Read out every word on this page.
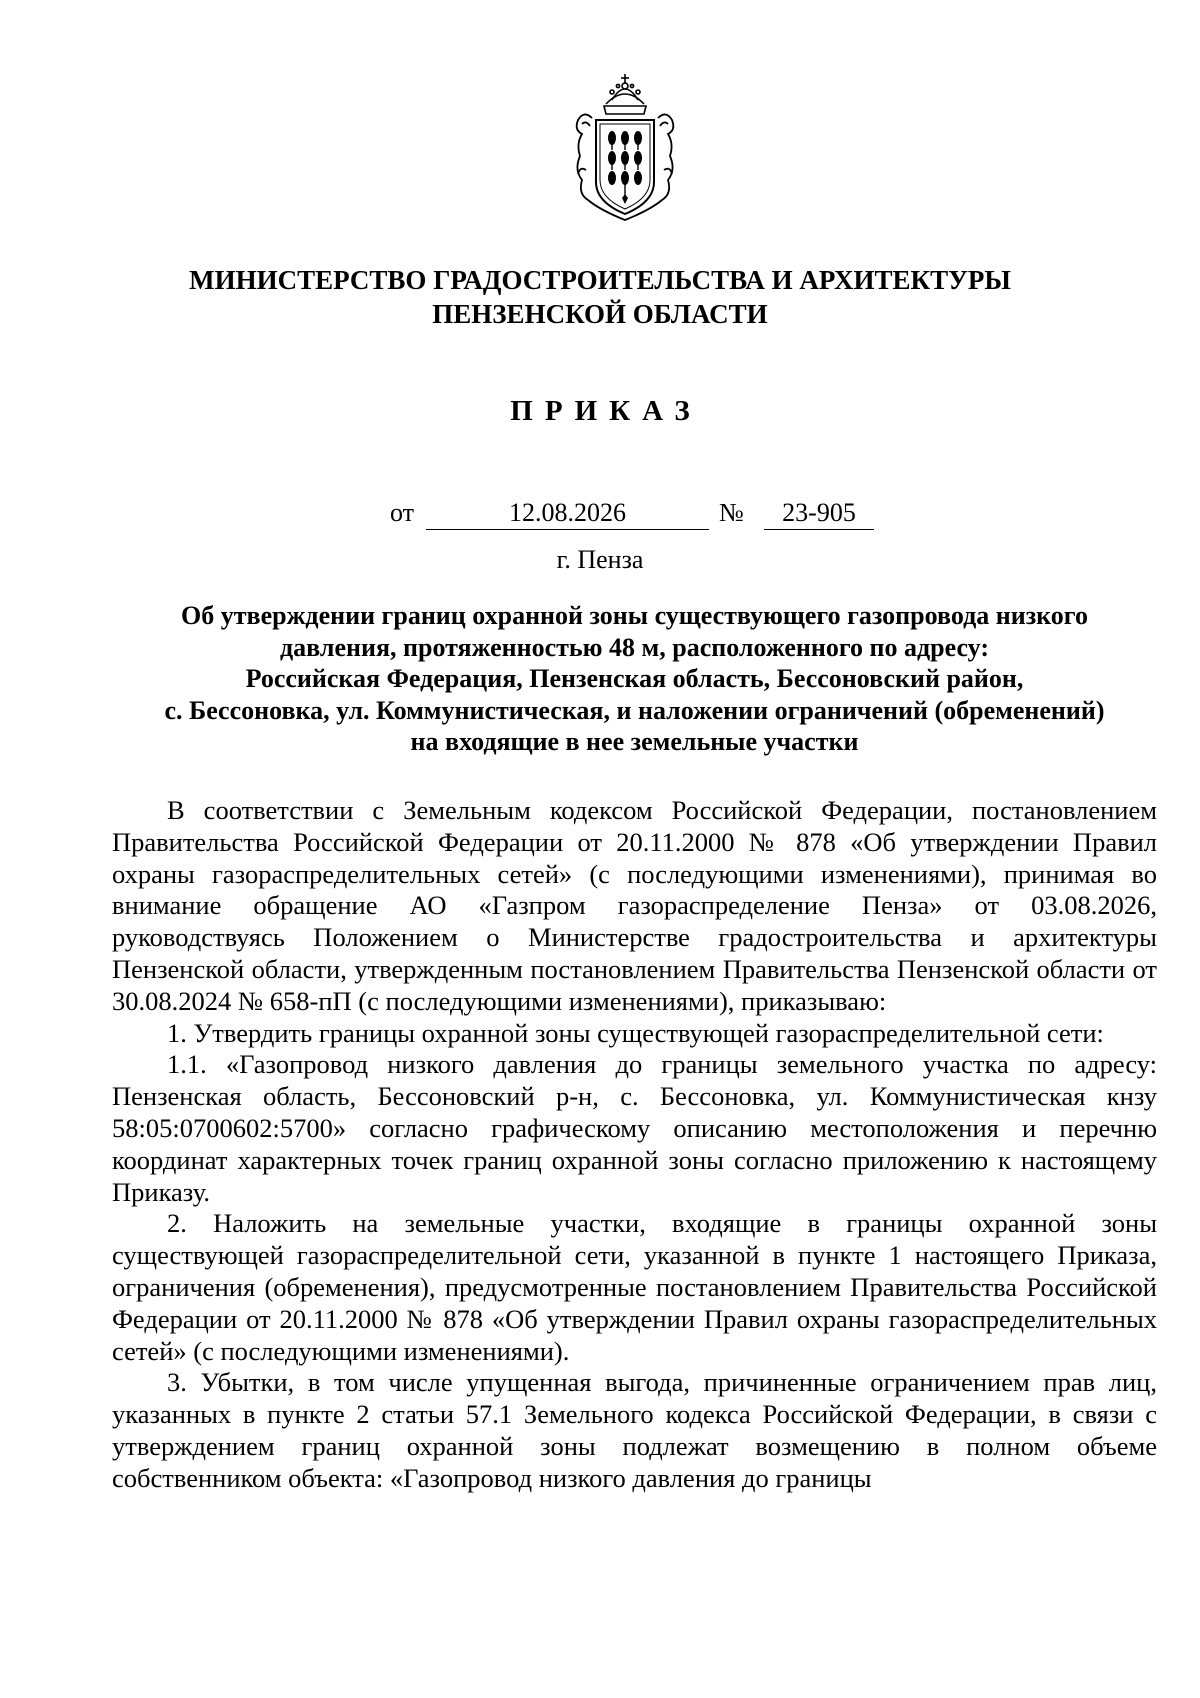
МИНИСТЕРСТВО ГРАДОСТРОИТЕЛЬСТВА И АРХИТЕКТУРЫ
ПЕНЗЕНСКОЙ ОБЛАСТИ
ПРИКАЗ
от	12.08.2026	№	23-905
г. Пенза
Об утверждении границ охранной зоны существующего газопровода низкого
давления, протяженностью 48 м, расположенного по адресу:
Российская Федерация, Пензенская область, Бессоновский район,
с. Бессоновка, ул. Коммунистическая, и наложении ограничений (обременений)
на входящие в нее земельные участки

В соответствии с Земельным кодексом Российской Федерации, постановлением Правительства Российской Федерации от 20.11.2000 № 878 «Об утверждении Правил охраны газораспределительных сетей» (с последующими изменениями), принимая во внимание обращение АО «Газпром газораспределение Пенза» от 03.08.2026, руководствуясь Положением о Министерстве градостроительства и архитектуры Пензенской области, утвержденным постановлением Правительства Пензенской области от 30.08.2024 № 658-пП (с последующими изменениями), приказываю:

1. Утвердить границы охранной зоны существующей газораспределительной сети:

1.1. «Газопровод низкого давления до границы земельного участка по адресу: Пензенская область, Бессоновский р-н, с. Бессоновка, ул. Коммунистическая кнзу 58:05:0700602:5700» согласно графическому описанию местоположения и перечню координат характерных точек границ охранной зоны согласно приложению к настоящему Приказу.

2. Наложить на земельные участки, входящие в границы охранной зоны существующей газораспределительной сети, указанной в пункте 1 настоящего Приказа, ограничения (обременения), предусмотренные постановлением Правительства Российской Федерации от 20.11.2000 № 878 «Об утверждении Правил охраны газораспределительных сетей» (с последующими изменениями).

3. Убытки, в том числе упущенная выгода, причиненные ограничением прав лиц, указанных в пункте 2 статьи 57.1 Земельного кодекса Российской Федерации, в связи с утверждением границ охранной зоны подлежат возмещению в полном объеме собственником объекта: «Газопровод низкого давления до границы
